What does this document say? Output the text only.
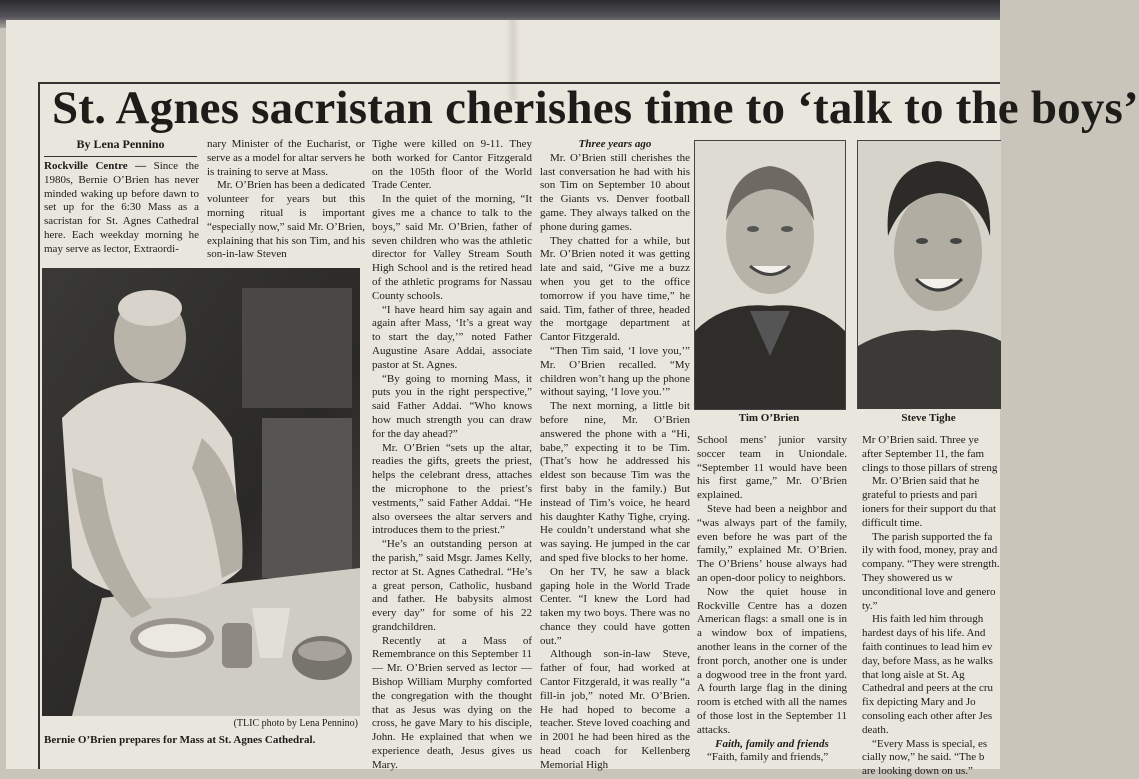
St. Agnes sacristan cherishes time to ‘talk to the boys’
By Lena Pennino

Rockville Centre — Since the 1980s, Bernie O’Brien has never minded waking up before dawn to set up for the 6:30 Mass as a sacristan for St. Agnes Cathedral here. Each weekday morning he may serve as lector, Extraordi-

nary Minister of the Eucharist, or serve as a model for altar servers he is training to serve at Mass.

Mr. O’Brien has been a dedicated volunteer for years but this morning ritual is important “especially now,” said Mr. O’Brien, explaining that his son Tim, and his son-in-law Steven

(TLIC photo by Lena Pennino)
Bernie O’Brien prepares for Mass at St. Agnes Cathedral.

Tighe were killed on 9-11. They both worked for Cantor Fitzgerald on the 105th floor of the World Trade Center.

In the quiet of the morning, “It gives me a chance to talk to the boys,” said Mr. O’Brien, father of seven children who was the athletic director for Valley Stream South High School and is the retired head of the athletic programs for Nassau County schools.

“I have heard him say again and again after Mass, ‘It’s a great way to start the day,’” noted Father Augustine Asare Addai, associate pastor at St. Agnes.

“By going to morning Mass, it puts you in the right perspective,” said Father Addai. “Who knows how much strength you can draw for the day ahead?”

Mr. O’Brien “sets up the altar, readies the gifts, greets the priest, helps the celebrant dress, attaches the microphone to the priest’s vestments,” said Father Addai. “He also oversees the altar servers and introduces them to the priest.”

“He’s an outstanding person at the parish,” said Msgr. James Kelly, rector at St. Agnes Cathedral. “He’s a great person, Catholic, husband and father. He babysits almost every day” for some of his 22 grandchildren.

Recently at a Mass of Remembrance on this September 11 — Mr. O’Brien served as lector — Bishop William Murphy comforted the congregation with the thought that as Jesus was dying on the cross, he gave Mary to his disciple, John. He explained that when we experience death, Jesus gives us Mary.

Three years ago

Mr. O’Brien still cherishes the last conversation he had with his son Tim on September 10 about the Giants vs. Denver football game. They always talked on the phone during games.

They chatted for a while, but Mr. O’Brien noted it was getting late and said, “Give me a buzz when you get to the office tomorrow if you have time,” he said. Tim, father of three, headed the mortgage department at Cantor Fitzgerald.

“Then Tim said, ‘I love you,’” Mr. O’Brien recalled. “My children won’t hang up the phone without saying, ‘I love you.’”

The next morning, a little bit before nine, Mr. O’Brien answered the phone with a “Hi, babe,” expecting it to be Tim. (That’s how he addressed his eldest son because Tim was the first baby in the family.) But instead of Tim’s voice, he heard his daughter Kathy Tighe, crying. He couldn’t understand what she was saying. He jumped in the car and sped five blocks to her home.

On her TV, he saw a black gaping hole in the World Trade Center. “I knew the Lord had taken my two boys. There was no chance they could have gotten out.”

Although son-in-law Steve, father of four, had worked at Cantor Fitzgerald, it was really “a fill-in job,” noted Mr. O’Brien. He had hoped to become a teacher. Steve loved coaching and in 2001 he had been hired as the head coach for Kellenberg Memorial High

Tim O’Brien	Steve Tighe

School mens’ junior varsity soccer team in Uniondale. “September 11 would have been his first game,” Mr. O’Brien explained.

Steve had been a neighbor and “was always part of the family, even before he was part of the family,” explained Mr. O’Brien. The O’Briens’ house always had an open-door policy to neighbors.

Now the quiet house in Rockville Centre has a dozen American flags: a small one is in a window box of impatiens, another leans in the corner of the front porch, another one is under a dogwood tree in the front yard. A fourth large flag in the dining room is etched with all the names of those lost in the September 11 attacks.

Faith, family and friends

“Faith, family and friends,”

Mr O’Brien said. Three ye after September 11, the fam clings to those pillars of streng

Mr. O’Brien said that he grateful to priests and pari ioners for their support du that difficult time.

The parish supported the fa ily with food, money, pray and company. “They were strength. They showered us w unconditional love and genero ty.”

His faith led him through hardest days of his life. And faith continues to lead him ev day, before Mass, as he walks that long aisle at St. Ag Cathedral and peers at the cru fix depicting Mary and Jo consoling each other after Jes death.

“Every Mass is special, es cially now,” he said. “The b are looking down on us.”
